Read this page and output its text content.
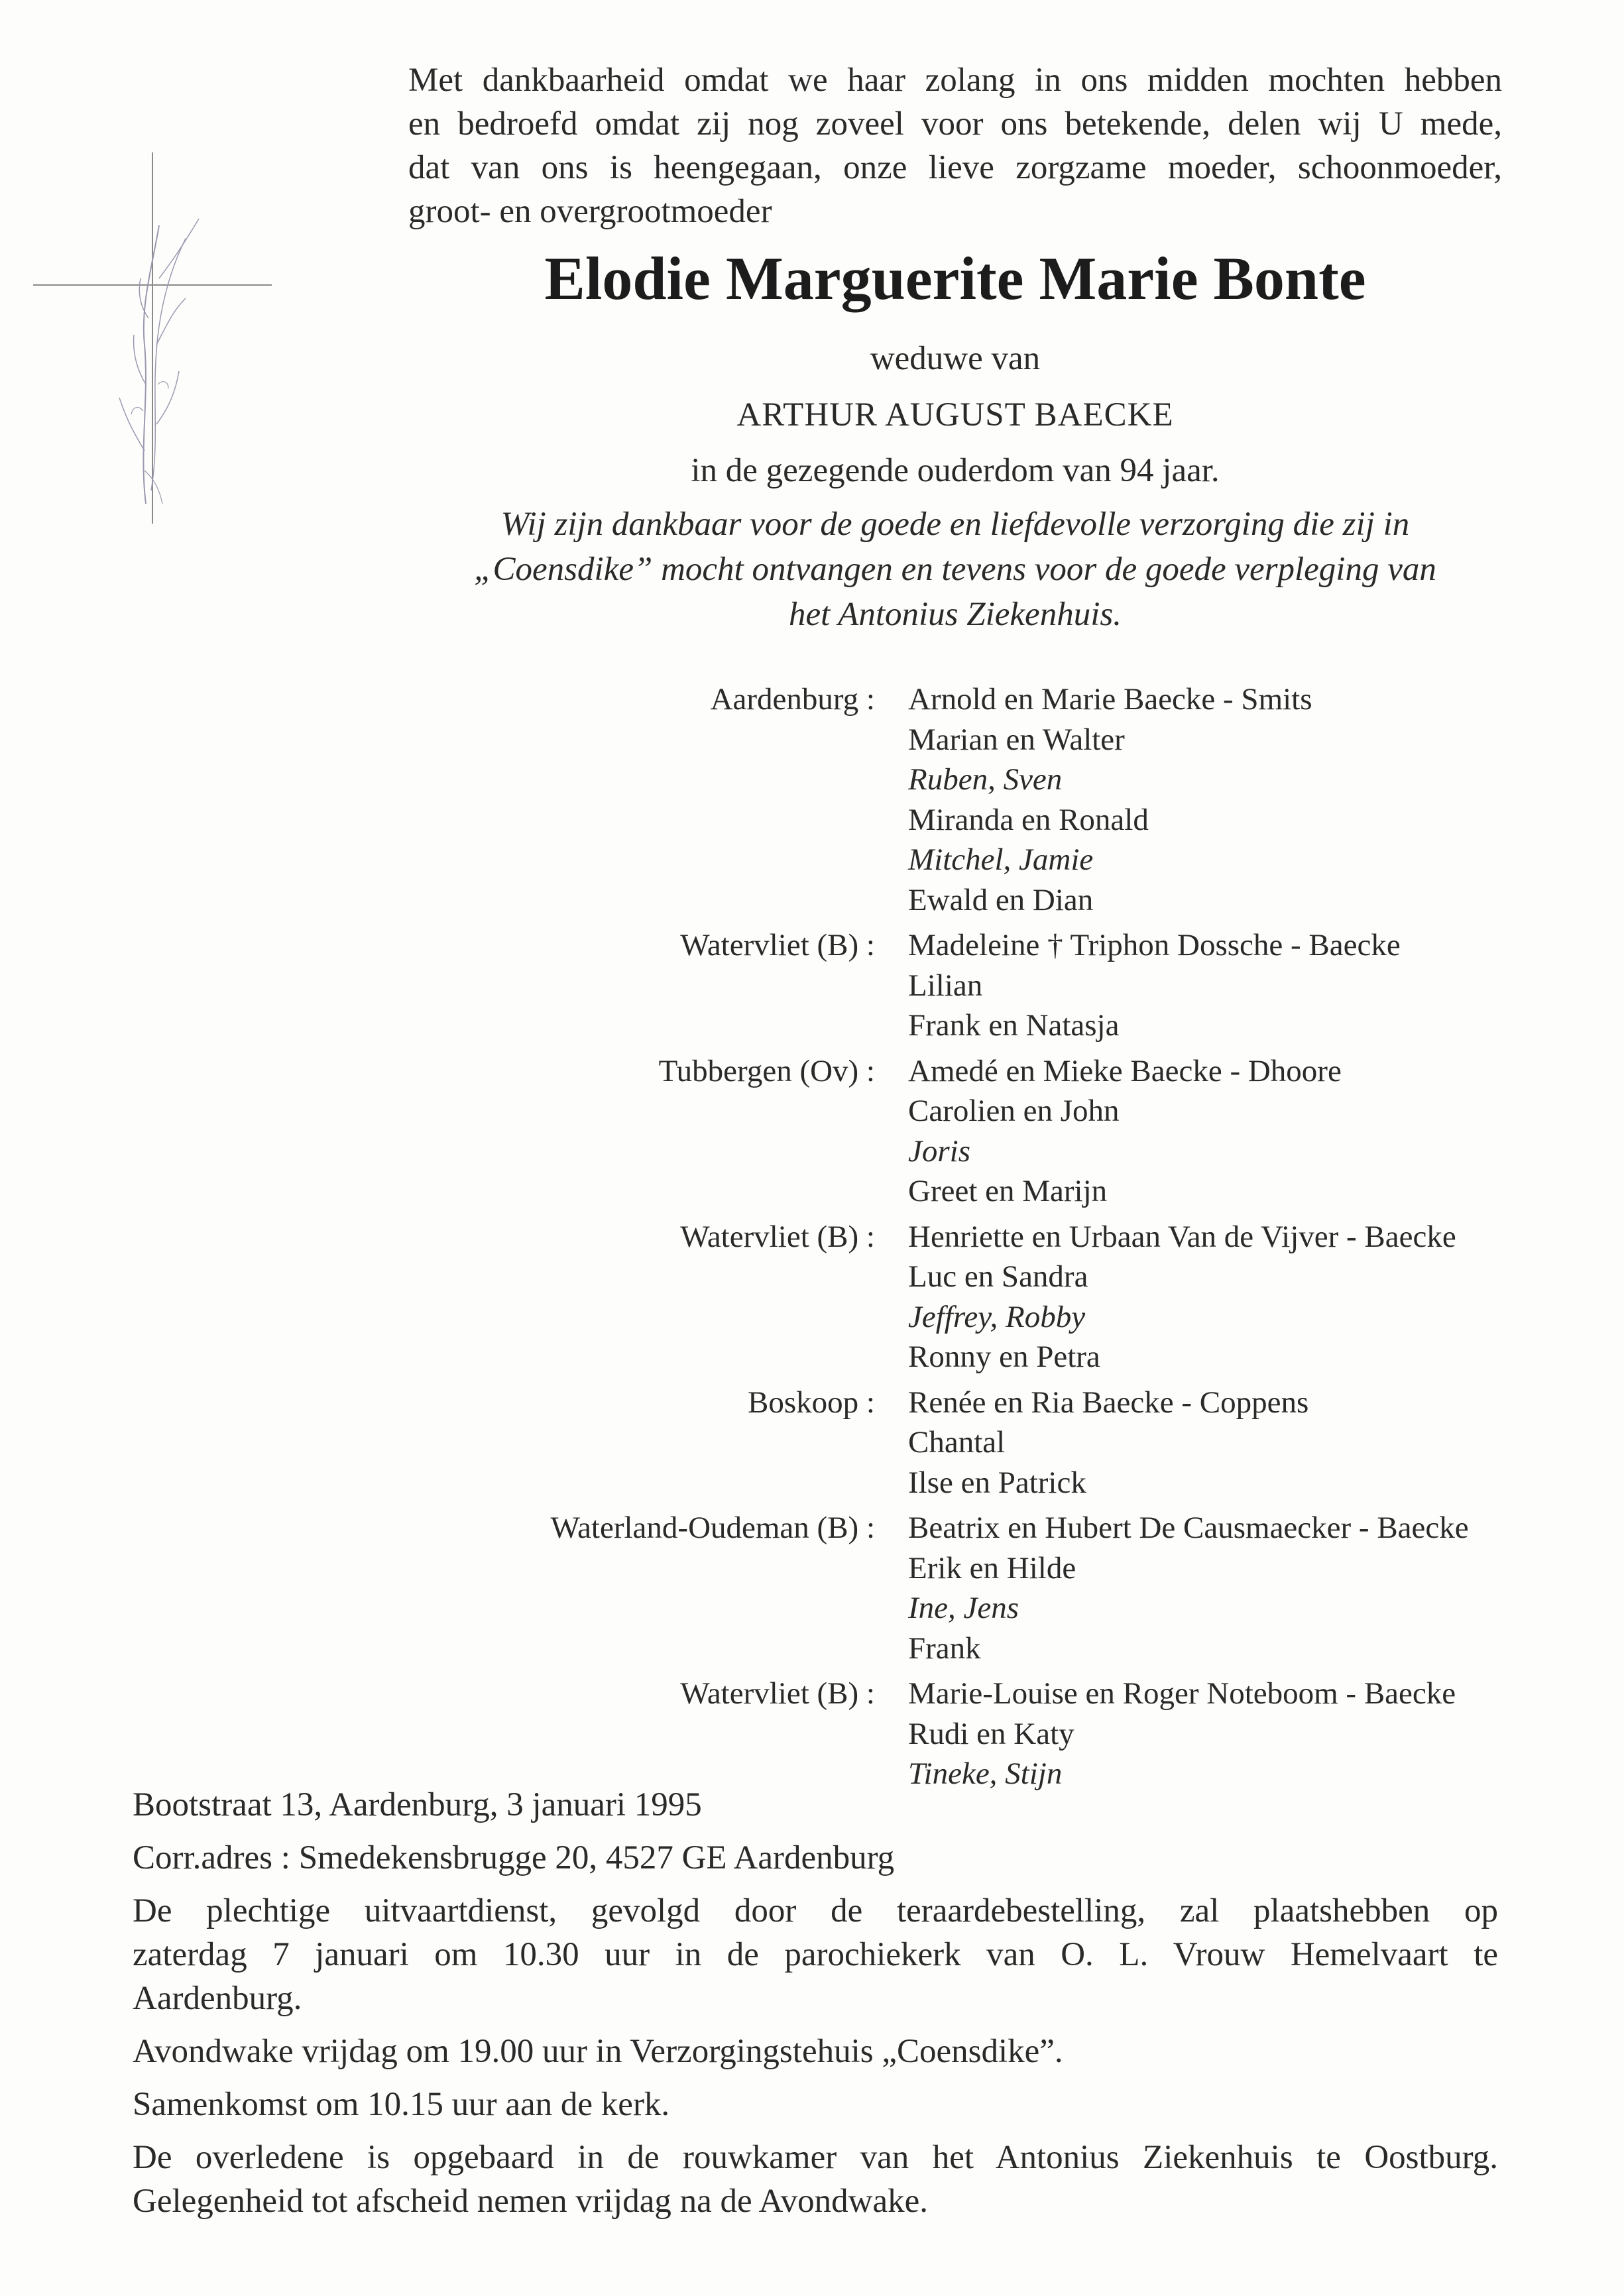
Met dankbaarheid omdat we haar zolang in ons midden mochten hebben
en bedroefd omdat zij nog zoveel voor ons betekende, delen wij U mede,
dat van ons is heengegaan, onze lieve zorgzame moeder, schoonmoeder,
groot- en overgrootmoeder
Elodie Marguerite Marie Bonte
weduwe van
ARTHUR AUGUST BAECKE
in de gezegende ouderdom van 94 jaar.
Wij zijn dankbaar voor de goede en liefdevolle verzorging die zij in
„Coensdike” mocht ontvangen en tevens voor de goede verpleging van
het Antonius Ziekenhuis.
Aardenburg : Arnold en Marie Baecke - Smits
Marian en Walter
Ruben, Sven
Miranda en Ronald
Mitchel, Jamie
Ewald en Dian
Watervliet (B) : Madeleine † Triphon Dossche - Baecke
Lilian
Frank en Natasja
Tubbergen (Ov) : Amedé en Mieke Baecke - Dhoore
Carolien en John
Joris
Greet en Marijn
Watervliet (B) : Henriette en Urbaan Van de Vijver - Baecke
Luc en Sandra
Jeffrey, Robby
Ronny en Petra
Boskoop : Renée en Ria Baecke - Coppens
Chantal
Ilse en Patrick
Waterland-Oudeman (B) : Beatrix en Hubert De Causmaecker - Baecke
Erik en Hilde
Ine, Jens
Frank
Watervliet (B) : Marie-Louise en Roger Noteboom - Baecke
Rudi en Katy
Tineke, Stijn

Bootstraat 13, Aardenburg, 3 januari 1995

Corr.adres : Smedekensbrugge 20, 4527 GE Aardenburg

De plechtige uitvaartdienst, gevolgd door de teraardebestelling, zal plaatshebben op
zaterdag 7 januari om 10.30 uur in de parochiekerk van O. L. Vrouw Hemelvaart te
Aardenburg.

Avondwake vrijdag om 19.00 uur in Verzorgingstehuis „Coensdike”.

Samenkomst om 10.15 uur aan de kerk.

De overledene is opgebaard in de rouwkamer van het Antonius Ziekenhuis te Oostburg.
Gelegenheid tot afscheid nemen vrijdag na de Avondwake.
